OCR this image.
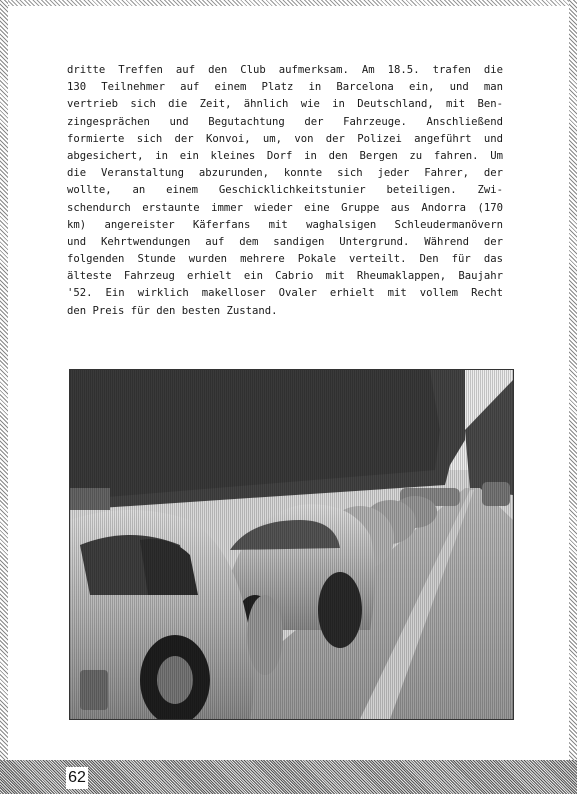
dritte Treffen auf den Club aufmerksam. Am 18.5. trafen die
130 Teilnehmer auf einem Platz in Barcelona ein, und man
vertrieb sich die Zeit, ähnlich wie in Deutschland, mit Ben-
zingesprächen und Begutachtung der Fahrzeuge. Anschließend
formierte sich der Konvoi, um, von der Polizei angeführt und
abgesichert, in ein kleines Dorf in den Bergen zu fahren. Um
die Veranstaltung abzurunden, konnte sich jeder Fahrer, der
wollte, an einem Geschicklichkeitstunier beteiligen. Zwi-
schendurch erstaunte immer wieder eine Gruppe aus Andorra (170
km) angereister Käferfans mit waghalsigen Schleudermanövern
und Kehrtwendungen auf dem sandigen Untergrund. Während der
folgenden Stunde wurden mehrere Pokale verteilt. Den für das
älteste Fahrzeug erhielt ein Cabrio mit Rheumaklappen, Baujahr
'52. Ein wirklich makelloser Ovaler erhielt mit vollem Recht
den Preis für den besten Zustand.
62
